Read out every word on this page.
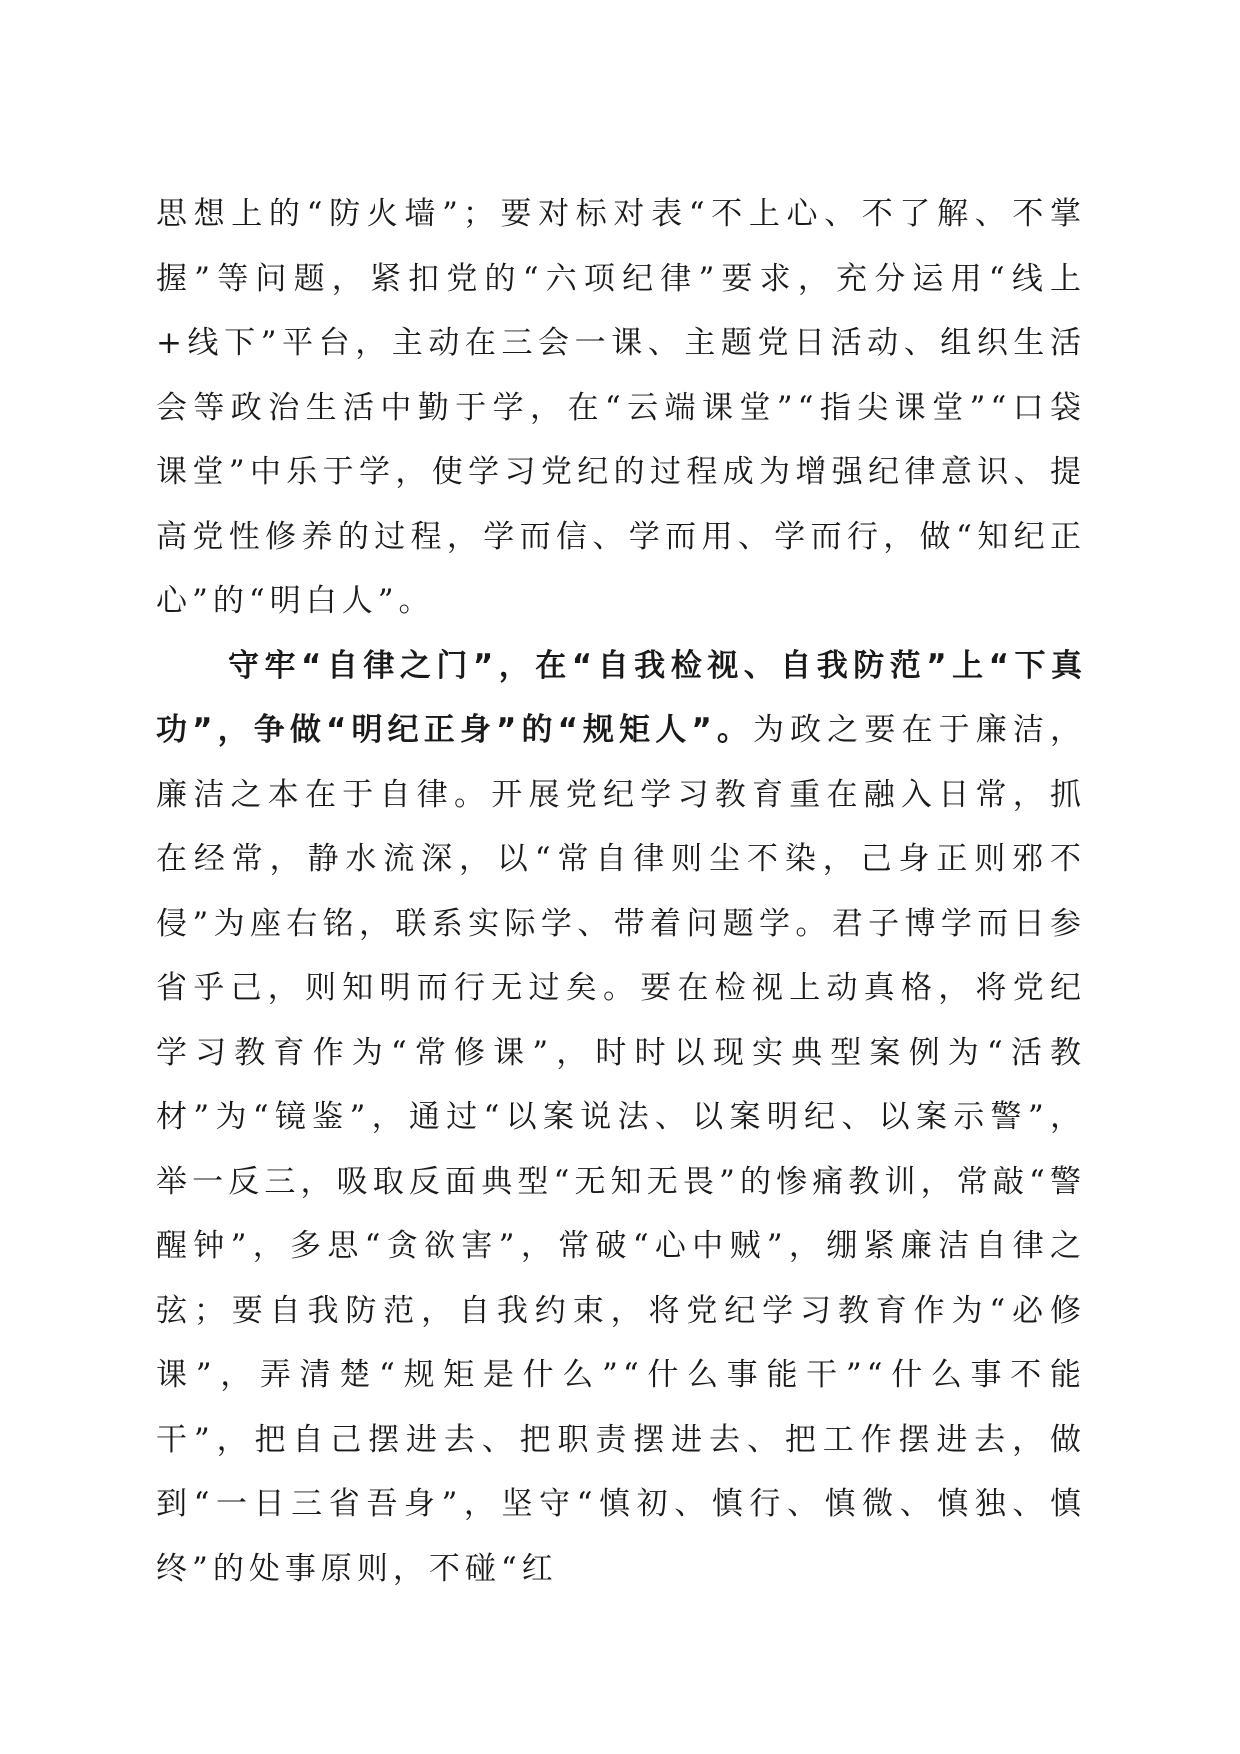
思想上的“防火墙”；要对标对表“不上心、不了解、不掌握”等问题，紧扣党的“六项纪律”要求，充分运用“线上+线下”平台，主动在三会一课、主题党日活动、组织生活会等政治生活中勤于学，在“云端课堂”“指尖课堂”“口袋课堂”中乐于学，使学习党纪的过程成为增强纪律意识、提高党性修养的过程，学而信、学而用、学而行，做“知纪正心”的“明白人”。

守牢“自律之门”，在“自我检视、自我防范”上“下真功”，争做“明纪正身”的“规矩人”。为政之要在于廉洁，廉洁之本在于自律。开展党纪学习教育重在融入日常，抓在经常，静水流深，以“常自律则尘不染，己身正则邪不侵”为座右铭，联系实际学、带着问题学。君子博学而日参省乎己，则知明而行无过矣。要在检视上动真格，将党纪学习教育作为“常修课”，时时以现实典型案例为“活教材”为“镜鉴”，通过“以案说法、以案明纪、以案示警”，举一反三，吸取反面典型“无知无畏”的惨痛教训，常敲“警醒钟”，多思“贪欲害”，常破“心中贼”，绷紧廉洁自律之弦；要自我防范，自我约束，将党纪学习教育作为“必修课”，弄清楚“规矩是什么”“什么事能干”“什么事不能干”，把自己摆进去、把职责摆进去、把工作摆进去，做到“一日三省吾身”，坚守“慎初、慎行、慎微、慎独、慎终”的处事原则，不碰“红
